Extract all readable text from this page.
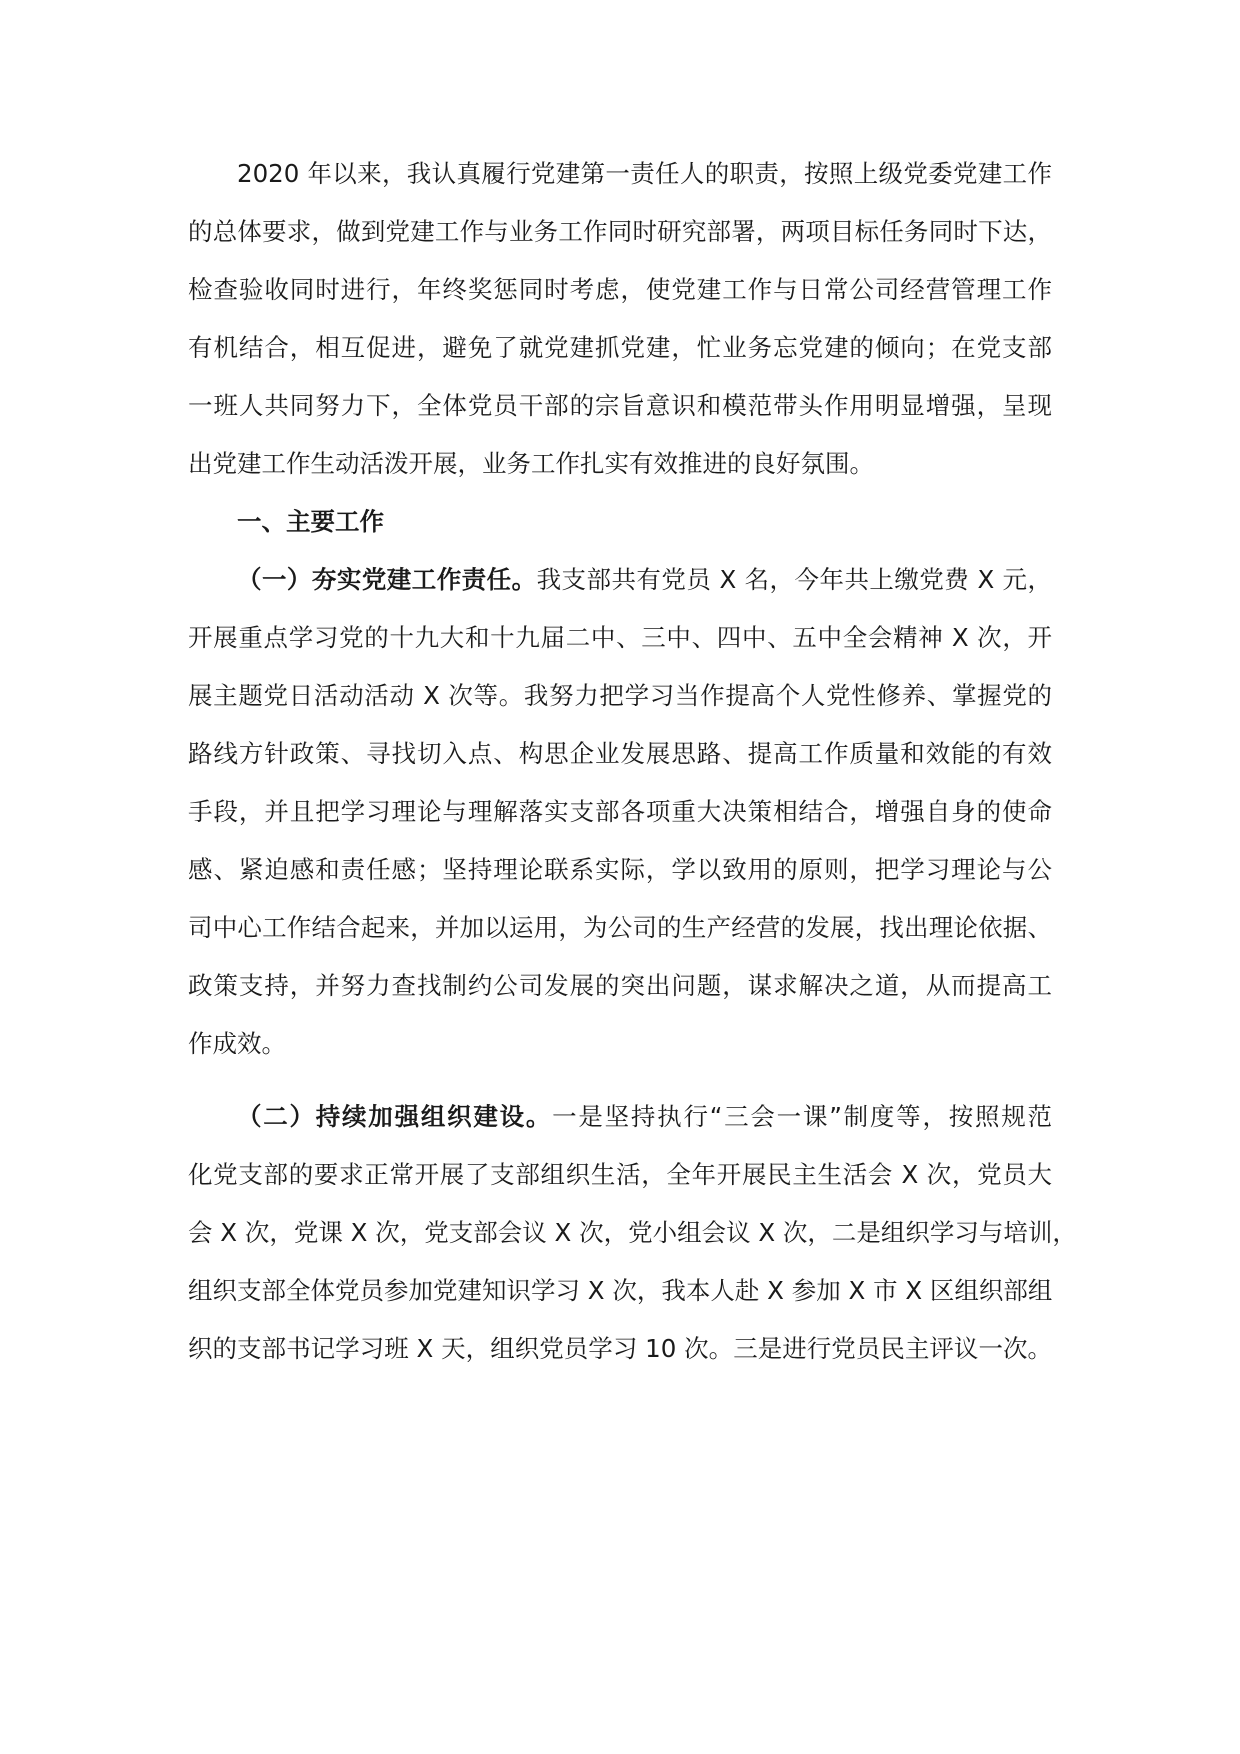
2020 年以来，我认真履行党建第一责任人的职责，按照上级党委党建工作
的总体要求，做到党建工作与业务工作同时研究部署，两项目标任务同时下达，
检查验收同时进行，年终奖惩同时考虑，使党建工作与日常公司经营管理工作
有机结合，相互促进，避免了就党建抓党建，忙业务忘党建的倾向；在党支部
一班人共同努力下，全体党员干部的宗旨意识和模范带头作用明显增强，呈现
出党建工作生动活泼开展，业务工作扎实有效推进的良好氛围。
一、主要工作
（一）夯实党建工作责任。我支部共有党员 X 名，今年共上缴党费 X 元，
开展重点学习党的十九大和十九届二中、三中、四中、五中全会精神 X 次，开
展主题党日活动活动 X 次等。我努力把学习当作提高个人党性修养、掌握党的
路线方针政策、寻找切入点、构思企业发展思路、提高工作质量和效能的有效
手段，并且把学习理论与理解落实支部各项重大决策相结合，增强自身的使命
感、紧迫感和责任感；坚持理论联系实际，学以致用的原则，把学习理论与公
司中心工作结合起来，并加以运用，为公司的生产经营的发展，找出理论依据、
政策支持，并努力查找制约公司发展的突出问题，谋求解决之道，从而提高工
作成效。
（二）持续加强组织建设。一是坚持执行“三会一课”制度等，按照规范
化党支部的要求正常开展了支部组织生活，全年开展民主生活会 X 次，党员大
会 X 次，党课 X 次，党支部会议 X 次，党小组会议 X 次，二是组织学习与培训，
组织支部全体党员参加党建知识学习 X 次，我本人赴 X 参加 X 市 X 区组织部组
织的支部书记学习班 X 天，组织党员学习 10 次。三是进行党员民主评议一次。
